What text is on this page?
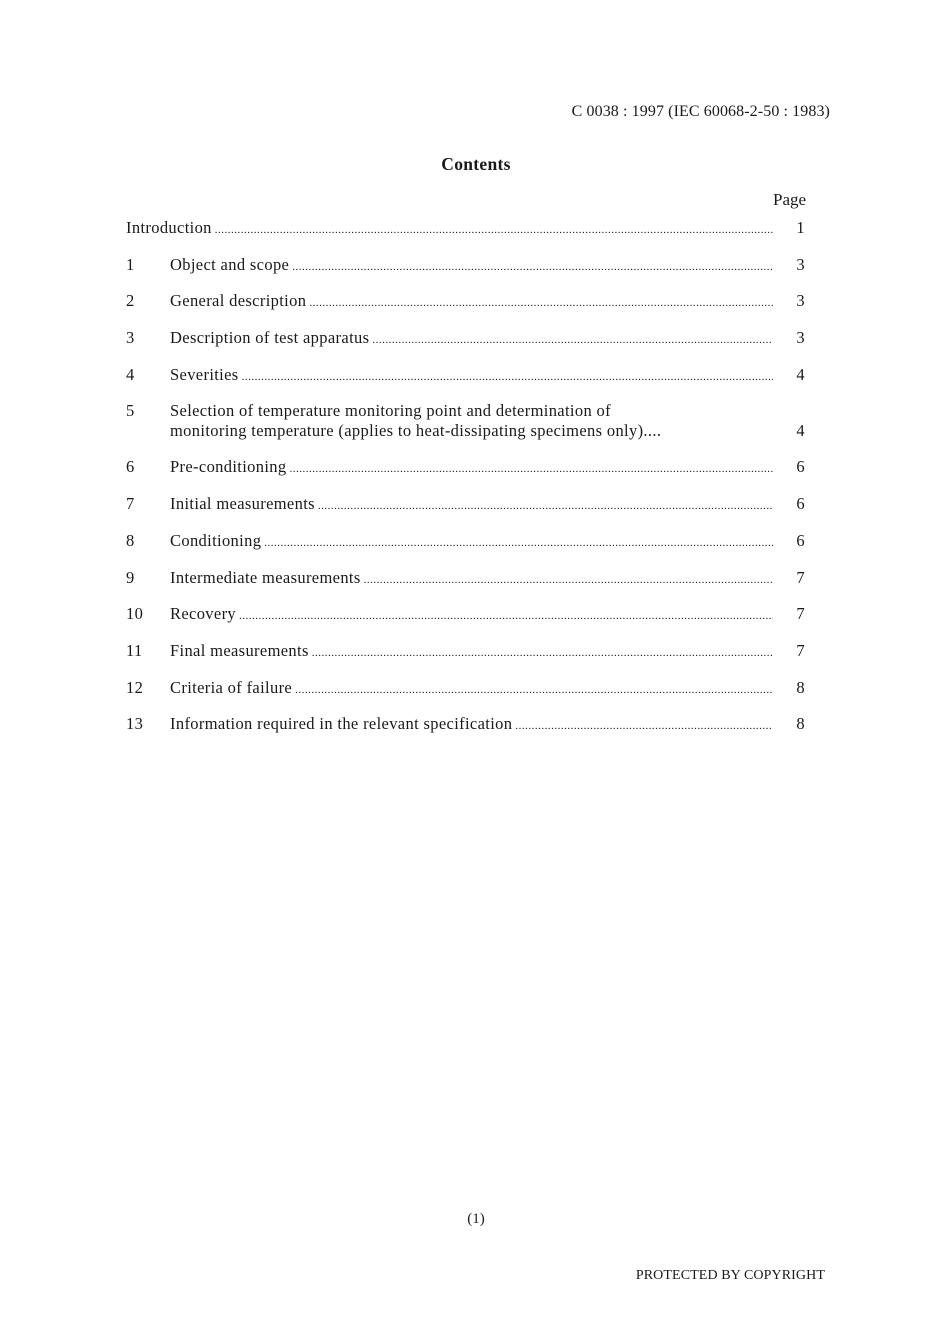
C 0038 : 1997 (IEC 60068-2-50 : 1983)
Contents
Page
Introduction .....	1
1	Object and scope .....	3
2	General description .....	3
3	Description of test apparatus .....	3
4	Severities .....	4
5	Selection of temperature monitoring point and determination of
monitoring temperature (applies to heat-dissipating specimens only)....	4
6	Pre-conditioning .....	6
7	Initial measurements .....	6
8	Conditioning .....	6
9	Intermediate measurements .....	7
10	Recovery .....	7
11	Final measurements .....	7
12	Criteria of failure .....	8
13	Information required in the relevant specification .....	8
(1)
PROTECTED BY COPYRIGHT
